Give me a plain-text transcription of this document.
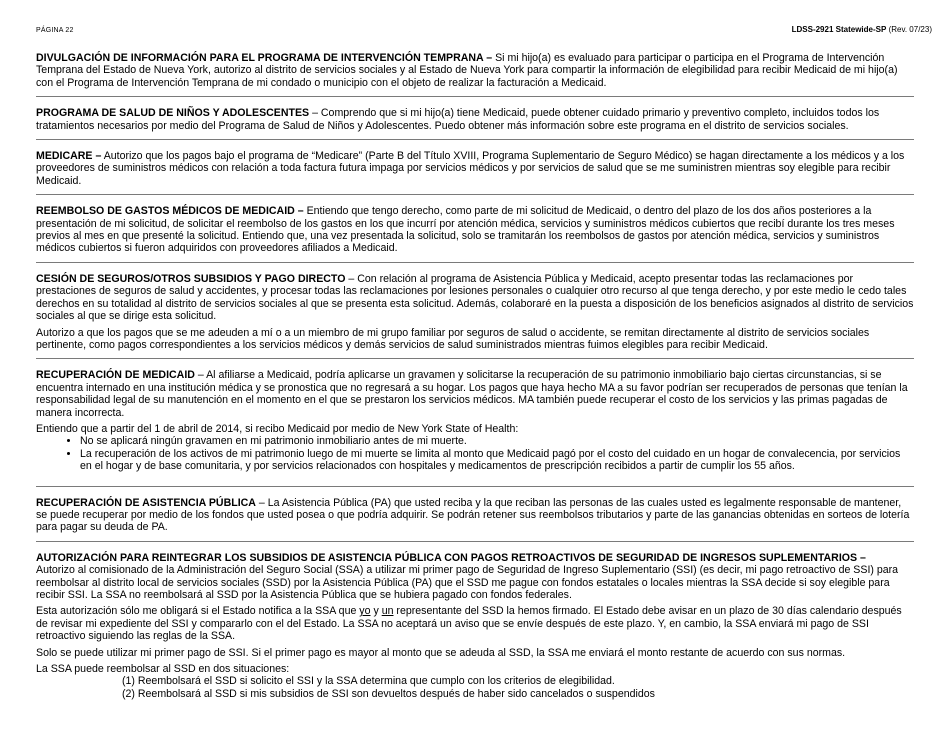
PÁGINA 22	LDSS-2921 Statewide-SP (Rev. 07/23)

DIVULGACIÓN DE INFORMACIÓN PARA EL PROGRAMA DE INTERVENCIÓN TEMPRANA – Si mi hijo(a) es evaluado para participar o participa en el Programa de Intervención Temprana del Estado de Nueva York, autorizo al distrito de servicios sociales y al Estado de Nueva York para compartir la información de elegibilidad para recibir Medicaid de mi hijo(a) con el Programa de Intervención Temprana de mi condado o municipio con el objeto de realizar la facturación a Medicaid.

PROGRAMA DE SALUD DE NIÑOS Y ADOLESCENTES – Comprendo que si mi hijo(a) tiene Medicaid, puede obtener cuidado primario y preventivo completo, incluidos todos los tratamientos necesarios por medio del Programa de Salud de Niños y Adolescentes. Puedo obtener más información sobre este programa en el distrito de servicios sociales.

MEDICARE – Autorizo que los pagos bajo el programa de “Medicare” (Parte B del Título XVIII, Programa Suplementario de Seguro Médico) se hagan directamente a los médicos y a los proveedores de suministros médicos con relación a toda factura futura impaga por servicios médicos y por servicios de salud que se me suministren mientras soy elegible para recibir Medicaid.

REEMBOLSO DE GASTOS MÉDICOS DE MEDICAID – Entiendo que tengo derecho, como parte de mi solicitud de Medicaid, o dentro del plazo de los dos años posteriores a la presentación de mi solicitud, de solicitar el reembolso de los gastos en los que incurrí por atención médica, servicios y suministros médicos cubiertos que recibí durante los tres meses previos al mes en que presenté la solicitud. Entiendo que, una vez presentada la solicitud, solo se tramitarán los reembolsos de gastos por atención médica, servicios y suministros médicos cubiertos si fueron adquiridos con proveedores afiliados a Medicaid.

CESIÓN DE SEGUROS/OTROS SUBSIDIOS Y PAGO DIRECTO – Con relación al programa de Asistencia Pública y Medicaid, acepto presentar todas las reclamaciones por prestaciones de seguros de salud y accidentes, y procesar todas las reclamaciones por lesiones personales o cualquier otro recurso al que tenga derecho, y por este medio le cedo tales derechos en su totalidad al distrito de servicios sociales al que se presenta esta solicitud. Además, colaboraré en la puesta a disposición de los beneficios asignados al distrito de servicios sociales al que se dirige esta solicitud.

Autorizo a que los pagos que se me adeuden a mí o a un miembro de mi grupo familiar por seguros de salud o accidente, se remitan directamente al distrito de servicios sociales pertinente, como pagos correspondientes a los servicios médicos y demás servicios de salud suministrados mientras fuimos elegibles para recibir Medicaid.

RECUPERACIÓN DE MEDICAID – Al afiliarse a Medicaid, podría aplicarse un gravamen y solicitarse la recuperación de su patrimonio inmobiliario bajo ciertas circunstancias, si se encuentra internado en una institución médica y se pronostica que no regresará a su hogar. Los pagos que haya hecho MA a su favor podrían ser recuperados de personas que tenían la responsabilidad legal de su manutención en el momento en el que se prestaron los servicios médicos. MA también puede recuperar el costo de los servicios y las primas pagadas de manera incorrecta.

Entiendo que a partir del 1 de abril de 2014, si recibo Medicaid por medio de New York State of Health:

• No se aplicará ningún gravamen en mi patrimonio inmobiliario antes de mi muerte.
• La recuperación de los activos de mi patrimonio luego de mi muerte se limita al monto que Medicaid pagó por el costo del cuidado en un hogar de convalecencia, por servicios en el hogar y de base comunitaria, y por servicios relacionados con hospitales y medicamentos de prescripción recibidos a partir de cumplir los 55 años.

RECUPERACIÓN DE ASISTENCIA PÚBLICA – La Asistencia Pública (PA) que usted reciba y la que reciban las personas de las cuales usted es legalmente responsable de mantener, se puede recuperar por medio de los fondos que usted posea o que podría adquirir. Se podrán retener sus reembolsos tributarios y parte de las ganancias obtenidas en sorteos de lotería para pagar su deuda de PA.

AUTORIZACIÓN PARA REINTEGRAR LOS SUBSIDIOS DE ASISTENCIA PÚBLICA CON PAGOS RETROACTIVOS DE SEGURIDAD DE INGRESOS SUPLEMENTARIOS –

Autorizo al comisionado de la Administración del Seguro Social (SSA) a utilizar mi primer pago de Seguridad de Ingreso Suplementario (SSI) (es decir, mi pago retroactivo de SSI) para reembolsar al distrito local de servicios sociales (SSD) por la Asistencia Pública (PA) que el SSD me pague con fondos estatales o locales mientras la SSA decide si soy elegible para recibir SSI. La SSA no reembolsará al SSD por la Asistencia Pública que se hubiera pagado con fondos federales.

Esta autorización sólo me obligará si el Estado notifica a la SSA que yo y un representante del SSD la hemos firmado. El Estado debe avisar en un plazo de 30 días calendario después de revisar mi expediente del SSI y compararlo con el del Estado. La SSA no aceptará un aviso que se envíe después de este plazo. Y, en cambio, la SSA enviará mi pago de SSI retroactivo siguiendo las reglas de la SSA.

Solo se puede utilizar mi primer pago de SSI. Si el primer pago es mayor al monto que se adeuda al SSD, la SSA me enviará el monto restante de acuerdo con sus normas.

La SSA puede reembolsar al SSD en dos situaciones:

(1) Reembolsará el SSD si solicito el SSI y la SSA determina que cumplo con los criterios de elegibilidad.
(2) Reembolsará al SSD si mis subsidios de SSI son devueltos después de haber sido cancelados o suspendidos
